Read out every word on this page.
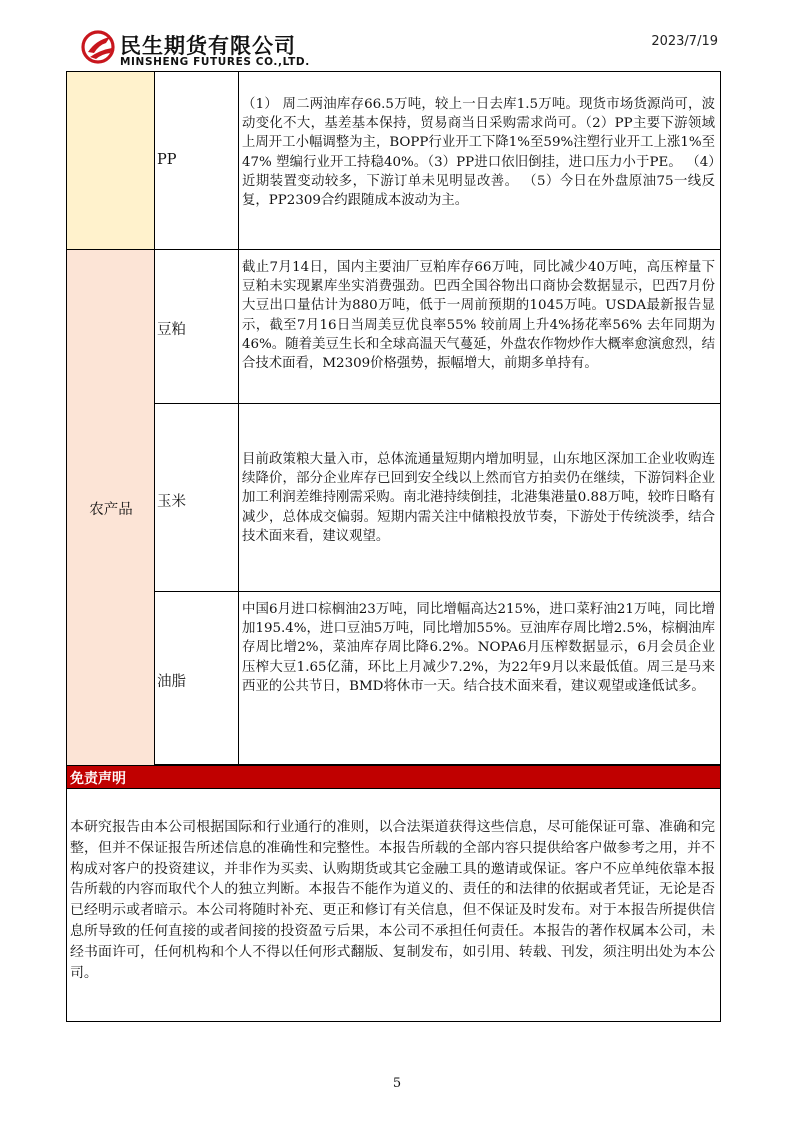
民生期货有限公司
MINSHENG FUTURES CO.,LTD.
2023/7/19
农产品
PP
（1） 周二两油库存66.5万吨，较上一日去库1.5万吨。现货市场货源尚可，波动变化不大，基差基本保持，贸易商当日采购需求尚可。（2）PP主要下游领域上周开工小幅调整为主，BOPP行业开工下降1%至59%注塑行业开工上涨1%至47% 塑编行业开工持稳40%。（3）PP进口依旧倒挂，进口压力小于PE。 （4）近期装置变动较多，下游订单未见明显改善。 （5）今日在外盘原油75一线反复，PP2309合约跟随成本波动为主。
豆粕
截止7月14日，国内主要油厂豆粕库存66万吨，同比减少40万吨，高压榨量下豆粕未实现累库坐实消费强劲。巴西全国谷物出口商协会数据显示，巴西7月份大豆出口量估计为880万吨，低于一周前预期的1045万吨。USDA最新报告显示，截至7月16日当周美豆优良率55% 较前周上升4%扬花率56% 去年同期为46%。随着美豆生长和全球高温天气蔓延，外盘农作物炒作大概率愈演愈烈，结合技术面看，M2309价格强势，振幅增大，前期多单持有。
玉米
目前政策粮大量入市，总体流通量短期内增加明显，山东地区深加工企业收购连续降价，部分企业库存已回到安全线以上然而官方拍卖仍在继续，下游饲料企业加工利润差维持刚需采购。南北港持续倒挂，北港集港量0.88万吨，较昨日略有减少，总体成交偏弱。短期内需关注中储粮投放节奏，下游处于传统淡季，结合技术面来看，建议观望。
油脂
中国6月进口棕榈油23万吨，同比增幅高达215%，进口菜籽油21万吨，同比增加195.4%，进口豆油5万吨，同比增加55%。豆油库存周比增2.5%，棕榈油库存周比增2%，菜油库存周比降6.2%。NOPA6月压榨数据显示，6月会员企业压榨大豆1.65亿蒲，环比上月减少7.2%，为22年9月以来最低值。周三是马来西亚的公共节日，BMD将休市一天。结合技术面来看，建议观望或逢低试多。
免责声明
本研究报告由本公司根据国际和行业通行的准则，以合法渠道获得这些信息，尽可能保证可靠、准确和完整，但并不保证报告所述信息的准确性和完整性。本报告所载的全部内容只提供给客户做参考之用，并不构成对客户的投资建议，并非作为买卖、认购期货或其它金融工具的邀请或保证。客户不应单纯依靠本报告所载的内容而取代个人的独立判断。本报告不能作为道义的、责任的和法律的依据或者凭证，无论是否已经明示或者暗示。本公司将随时补充、更正和修订有关信息，但不保证及时发布。对于本报告所提供信息所导致的任何直接的或者间接的投资盈亏后果，本公司不承担任何责任。本报告的著作权属本公司，未经书面许可，任何机构和个人不得以任何形式翻版、复制发布，如引用、转载、刊发，须注明出处为本公司。
5
